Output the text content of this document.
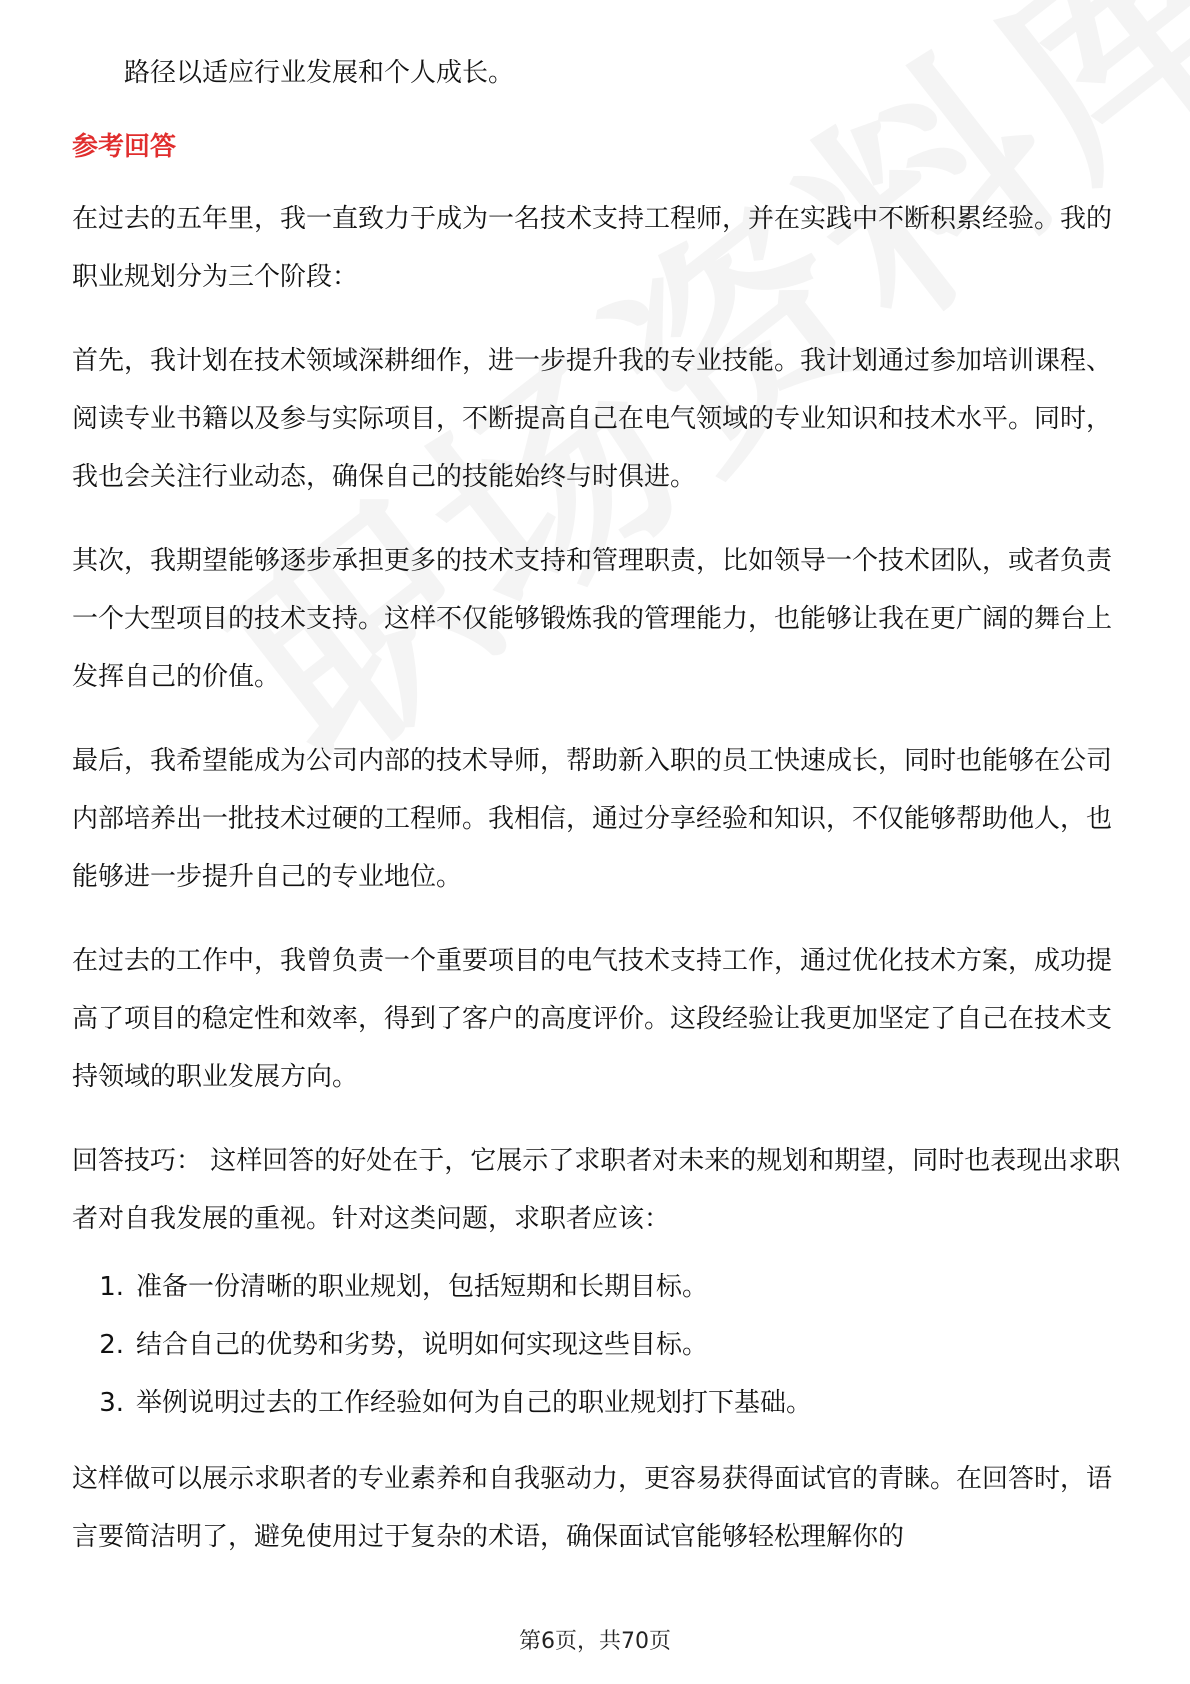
路径以适应行业发展和个人成长。

参考回答

在过去的五年里，我一直致力于成为一名技术支持工程师，并在实践中不断积累经验。我的职业规划分为三个阶段：

首先，我计划在技术领域深耕细作，进一步提升我的专业技能。我计划通过参加培训课程、阅读专业书籍以及参与实际项目，不断提高自己在电气领域的专业知识和技术水平。同时，我也会关注行业动态，确保自己的技能始终与时俱进。

其次，我期望能够逐步承担更多的技术支持和管理职责，比如领导一个技术团队，或者负责一个大型项目的技术支持。这样不仅能够锻炼我的管理能力，也能够让我在更广阔的舞台上发挥自己的价值。

最后，我希望能成为公司内部的技术导师，帮助新入职的员工快速成长，同时也能够在公司内部培养出一批技术过硬的工程师。我相信，通过分享经验和知识，不仅能够帮助他人，也能够进一步提升自己的专业地位。

在过去的工作中，我曾负责一个重要项目的电气技术支持工作，通过优化技术方案，成功提高了项目的稳定性和效率，得到了客户的高度评价。这段经验让我更加坚定了自己在技术支持领域的职业发展方向。

回答技巧： 这样回答的好处在于，它展示了求职者对未来的规划和期望，同时也表现出求职者对自我发展的重视。针对这类问题，求职者应该：

1. 准备一份清晰的职业规划，包括短期和长期目标。
2. 结合自己的优势和劣势，说明如何实现这些目标。
3. 举例说明过去的工作经验如何为自己的职业规划打下基础。

这样做可以展示求职者的专业素养和自我驱动力，更容易获得面试官的青睐。在回答时，语言要简洁明了，避免使用过于复杂的术语，确保面试官能够轻松理解你的

第6页，共70页
